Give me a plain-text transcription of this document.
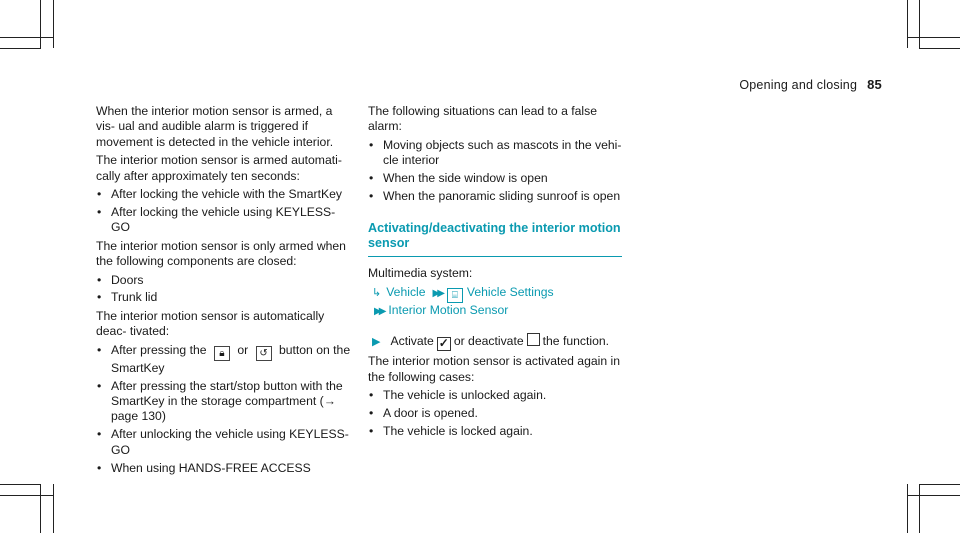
Opening and closing 85

When the interior motion sensor is armed, a vis- ual and audible alarm is triggered if movement is detected in the vehicle interior.

The interior motion sensor is armed automati- cally after approximately ten seconds:

• After locking the vehicle with the SmartKey
• After locking the vehicle using KEYLESS-GO

The interior motion sensor is only armed when the following components are closed:

• Doors
• Trunk lid

The interior motion sensor is automatically deac- tivated:

• After pressing the 🔒︎ or ↺ button on the SmartKey
• After pressing the start/stop button with the SmartKey in the storage compartment (→ page 130)
• After unlocking the vehicle using KEYLESS- GO
• When using HANDS-FREE ACCESS

The following situations can lead to a false alarm:

• Moving objects such as mascots in the vehi- cle interior
• When the side window is open
• When the panoramic sliding sunroof is open
Activating/deactivating the interior motion sensor

Multimedia system:

↳ Vehicle ▶▶ ⌸ Vehicle Settings
▶▶ Interior Motion Sensor

▶ Activate ✓ or deactivate the function.

The interior motion sensor is activated again in the following cases:

• The vehicle is unlocked again.
• A door is opened.
• The vehicle is locked again.
